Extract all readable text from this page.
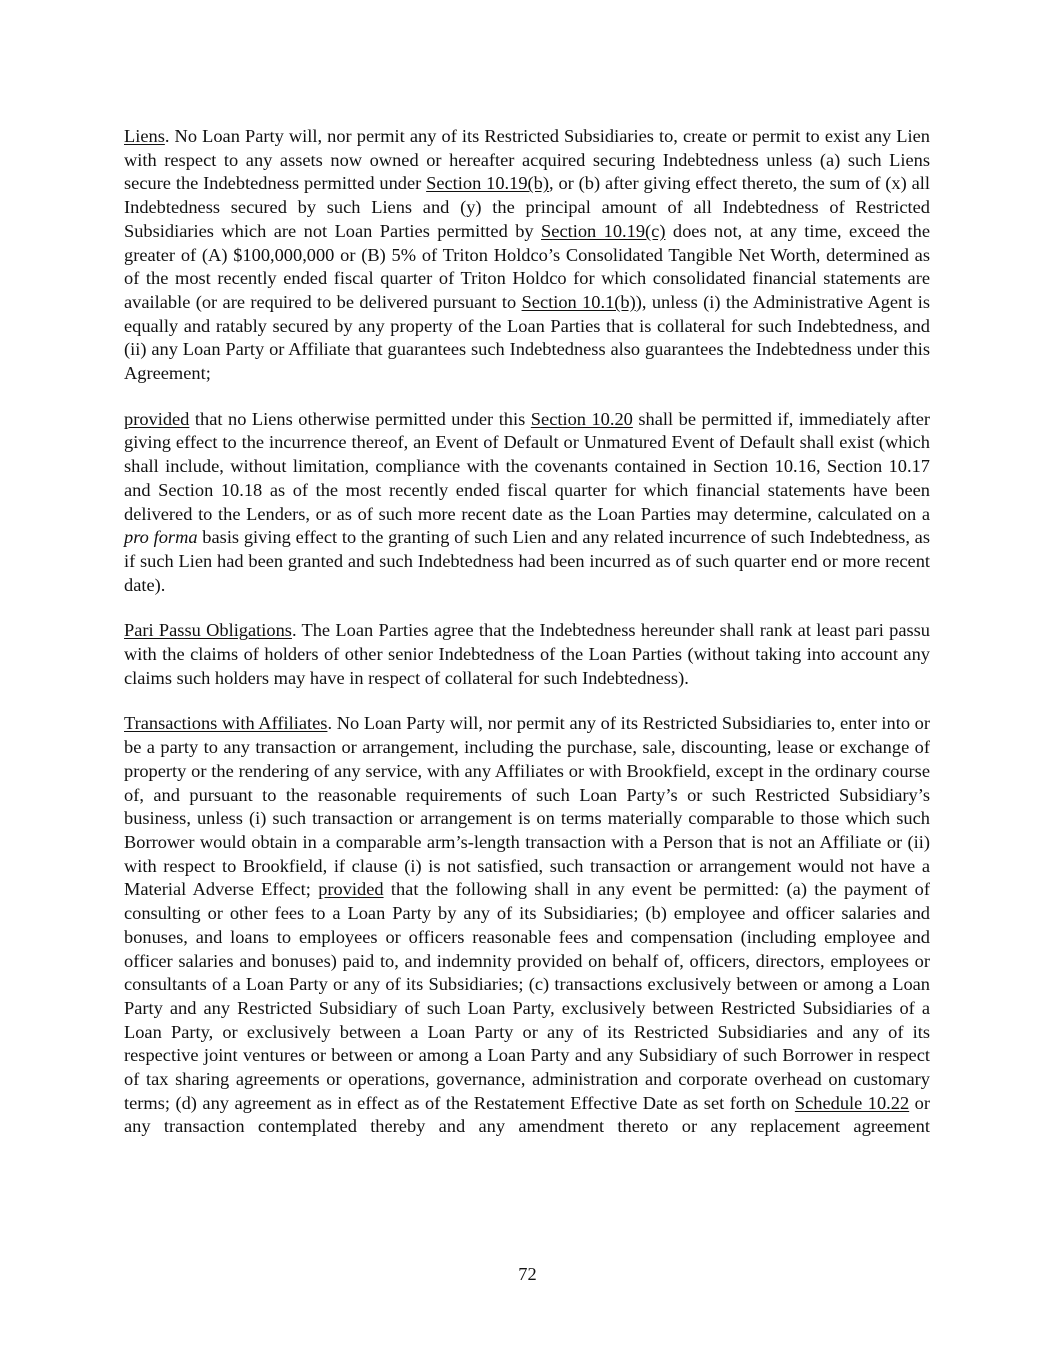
Liens. No Loan Party will, nor permit any of its Restricted Subsidiaries to, create or permit to exist any Lien with respect to any assets now owned or hereafter acquired securing Indebtedness unless (a) such Liens secure the Indebtedness permitted under Section 10.19(b), or (b) after giving effect thereto, the sum of (x) all Indebtedness secured by such Liens and (y) the principal amount of all Indebtedness of Restricted Subsidiaries which are not Loan Parties permitted by Section 10.19(c) does not, at any time, exceed the greater of (A) $100,000,000 or (B) 5% of Triton Holdco’s Consolidated Tangible Net Worth, determined as of the most recently ended fiscal quarter of Triton Holdco for which consolidated financial statements are available (or are required to be delivered pursuant to Section 10.1(b)), unless (i) the Administrative Agent is equally and ratably secured by any property of the Loan Parties that is collateral for such Indebtedness, and (ii) any Loan Party or Affiliate that guarantees such Indebtedness also guarantees the Indebtedness under this Agreement;

provided that no Liens otherwise permitted under this Section 10.20 shall be permitted if, immediately after giving effect to the incurrence thereof, an Event of Default or Unmatured Event of Default shall exist (which shall include, without limitation, compliance with the covenants contained in Section 10.16, Section 10.17 and Section 10.18 as of the most recently ended fiscal quarter for which financial statements have been delivered to the Lenders, or as of such more recent date as the Loan Parties may determine, calculated on a pro forma basis giving effect to the granting of such Lien and any related incurrence of such Indebtedness, as if such Lien had been granted and such Indebtedness had been incurred as of such quarter end or more recent date).

Pari Passu Obligations. The Loan Parties agree that the Indebtedness hereunder shall rank at least pari passu with the claims of holders of other senior Indebtedness of the Loan Parties (without taking into account any claims such holders may have in respect of collateral for such Indebtedness).

Transactions with Affiliates. No Loan Party will, nor permit any of its Restricted Subsidiaries to, enter into or be a party to any transaction or arrangement, including the purchase, sale, discounting, lease or exchange of property or the rendering of any service, with any Affiliates or with Brookfield, except in the ordinary course of, and pursuant to the reasonable requirements of such Loan Party’s or such Restricted Subsidiary’s business, unless (i) such transaction or arrangement is on terms materially comparable to those which such Borrower would obtain in a comparable arm’s-length transaction with a Person that is not an Affiliate or (ii) with respect to Brookfield, if clause (i) is not satisfied, such transaction or arrangement would not have a Material Adverse Effect; provided that the following shall in any event be permitted: (a) the payment of consulting or other fees to a Loan Party by any of its Subsidiaries; (b) employee and officer salaries and bonuses, and loans to employees or officers reasonable fees and compensation (including employee and officer salaries and bonuses) paid to, and indemnity provided on behalf of, officers, directors, employees or consultants of a Loan Party or any of its Subsidiaries; (c) transactions exclusively between or among a Loan Party and any Restricted Subsidiary of such Loan Party, exclusively between Restricted Subsidiaries of a Loan Party, or exclusively between a Loan Party or any of its Restricted Subsidiaries and any of its respective joint ventures or between or among a Loan Party and any Subsidiary of such Borrower in respect of tax sharing agreements or operations, governance, administration and corporate overhead on customary terms; (d) any agreement as in effect as of the Restatement Effective Date as set forth on Schedule 10.22 or any transaction contemplated thereby and any amendment thereto or any replacement agreement

72
